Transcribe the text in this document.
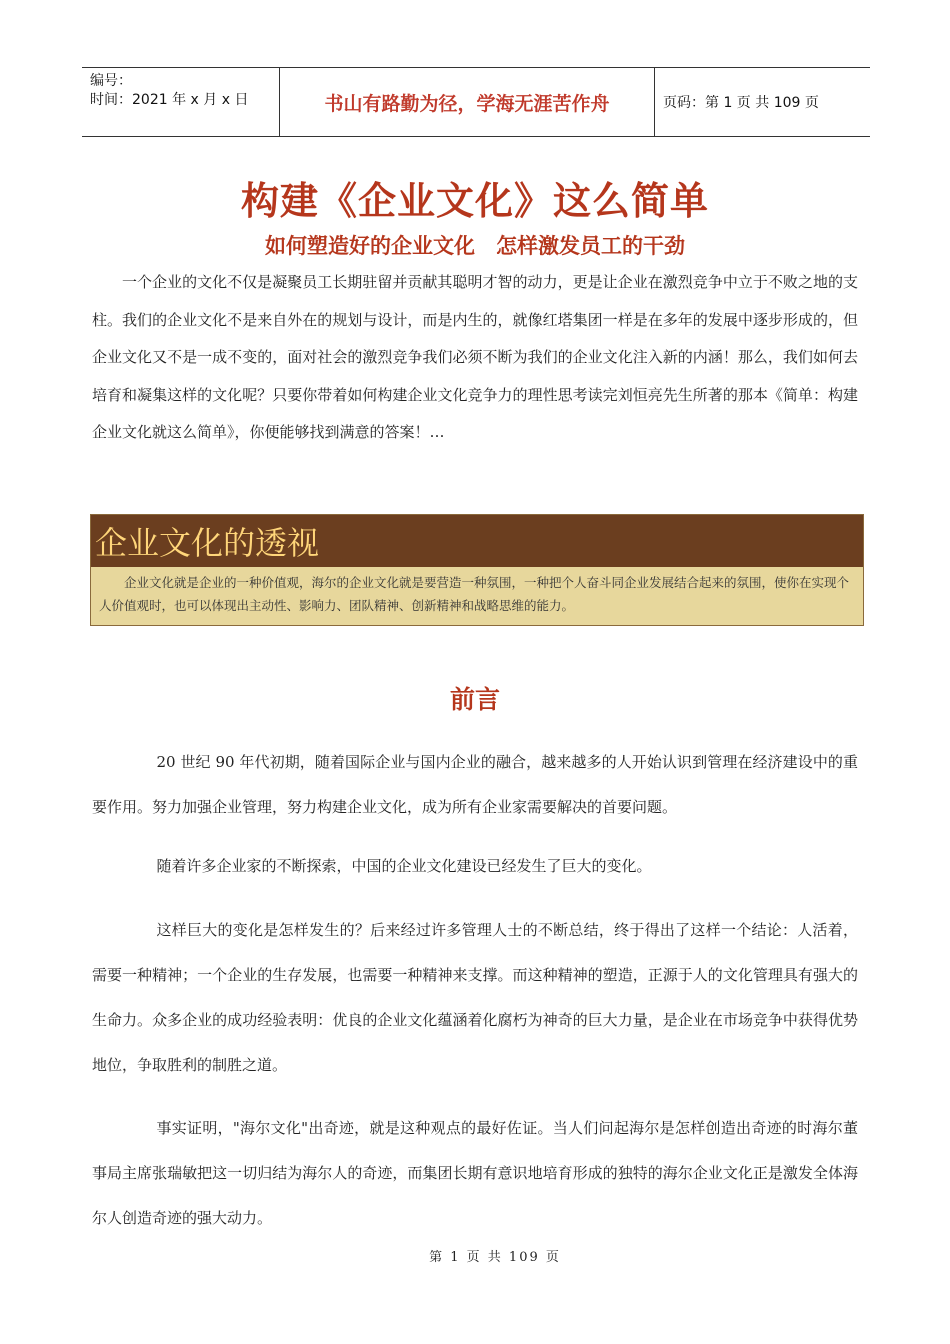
编号：
时间：2021 年 x 月 x 日	书山有路勤为径，学海无涯苦作舟	页码：第 1 页 共 109 页
构建《企业文化》这么简单
如何塑造好的企业文化　怎样激发员工的干劲
一个企业的文化不仅是凝聚员工长期驻留并贡献其聪明才智的动力，更是让企业在激烈竞争中立于不败之地的支柱。我们的企业文化不是来自外在的规划与设计，而是内生的，就像红塔集团一样是在多年的发展中逐步形成的，但企业文化又不是一成不变的，面对社会的激烈竞争我们必须不断为我们的企业文化注入新的内涵！那么，我们如何去培育和凝集这样的文化呢？只要你带着如何构建企业文化竞争力的理性思考读完刘恒亮先生所著的那本《简单：构建企业文化就这么简单》，你便能够找到满意的答案！…
企业文化的透视
企业文化就是企业的一种价值观，海尔的企业文化就是要营造一种氛围，一种把个人奋斗同企业发展结合起来的氛围，使你在实现个人价值观时，也可以体现出主动性、影响力、团队精神、创新精神和战略思维的能力。
前言
20 世纪 90 年代初期，随着国际企业与国内企业的融合，越来越多的人开始认识到管理在经济建设中的重要作用。努力加强企业管理，努力构建企业文化，成为所有企业家需要解决的首要问题。
随着许多企业家的不断探索，中国的企业文化建设已经发生了巨大的变化。
这样巨大的变化是怎样发生的？后来经过许多管理人士的不断总结，终于得出了这样一个结论：人活着，需要一种精神；一个企业的生存发展，也需要一种精神来支撑。而这种精神的塑造，正源于人的文化管理具有强大的生命力。众多企业的成功经验表明：优良的企业文化蕴涵着化腐朽为神奇的巨大力量，是企业在市场竞争中获得优势地位，争取胜利的制胜之道。
事实证明，"海尔文化"出奇迹，就是这种观点的最好佐证。当人们问起海尔是怎样创造出奇迹的时海尔董事局主席张瑞敏把这一切归结为海尔人的奇迹，而集团长期有意识地培育形成的独特的海尔企业文化正是激发全体海尔人创造奇迹的强大动力。
第 1 页 共 109 页
